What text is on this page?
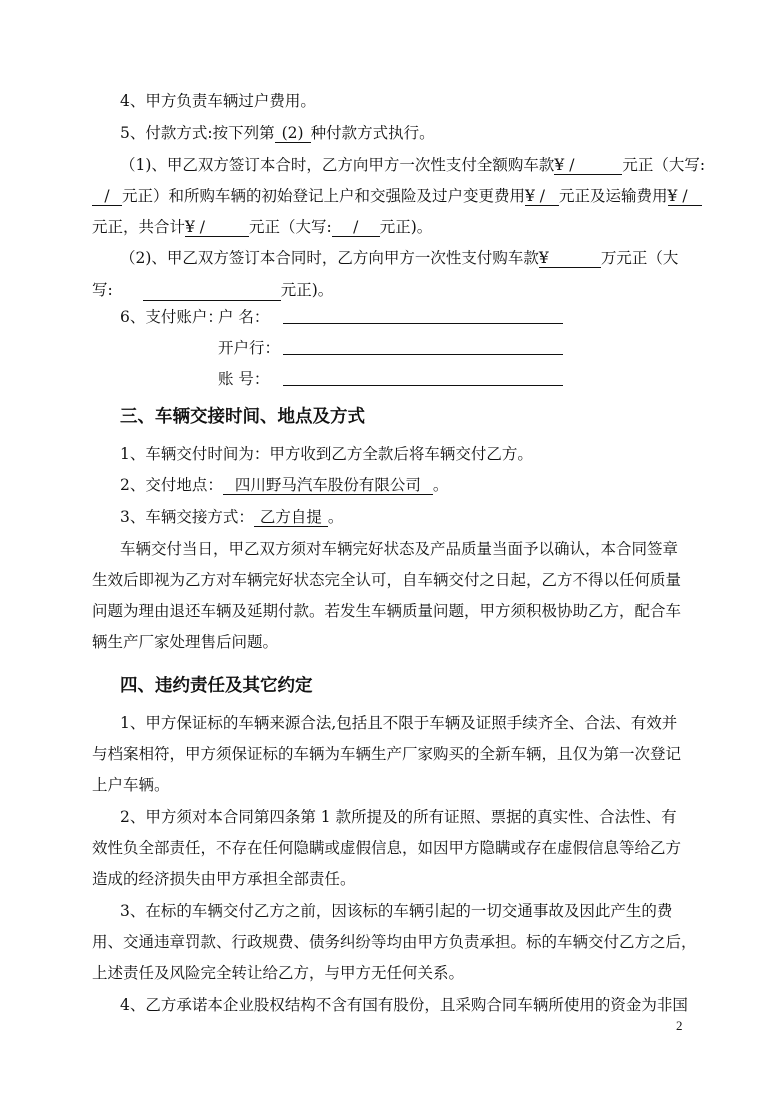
4、甲方负责车辆过户费用。
5、付款方式:按下列第 (2) 种付款方式执行。
（1)、甲乙双方签订本合时，乙方向甲方一次性支付全额购车款¥ /	元正（大写:
/ 元正）和所购车辆的初始登记上户和交强险及过户变更费用¥ / 元正及运输费用¥ /
元正，共合计¥ /	元正（大写: / 元正)。
（2)、甲乙双方签订本合同时，乙方向甲方一次性支付购车款¥	万元正（大
写:	元正)。
6、支付账户：
户 名：
开户行：
账 号：
三、车辆交接时间、地点及方式
1、车辆交付时间为：甲方收到乙方全款后将车辆交付乙方。
2、交付地点： 四川野马汽车股份有限公司 。
3、车辆交接方式： 乙方自提 。
车辆交付当日，甲乙双方须对车辆完好状态及产品质量当面予以确认，本合同签章
生效后即视为乙方对车辆完好状态完全认可，自车辆交付之日起，乙方不得以任何质量
问题为理由退还车辆及延期付款。若发生车辆质量问题，甲方须积极协助乙方，配合车
辆生产厂家处理售后问题。
四、违约责任及其它约定
1、甲方保证标的车辆来源合法,包括且不限于车辆及证照手续齐全、合法、有效并
与档案相符，甲方须保证标的车辆为车辆生产厂家购买的全新车辆，且仅为第一次登记
上户车辆。
2、甲方须对本合同第四条第 1 款所提及的所有证照、票据的真实性、合法性、有
效性负全部责任，不存在任何隐瞒或虚假信息，如因甲方隐瞒或存在虚假信息等给乙方
造成的经济损失由甲方承担全部责任。
3、在标的车辆交付乙方之前，因该标的车辆引起的一切交通事故及因此产生的费
用、交通违章罚款、行政规费、债务纠纷等均由甲方负责承担。标的车辆交付乙方之后，
上述责任及风险完全转让给乙方，与甲方无任何关系。
4、乙方承诺本企业股权结构不含有国有股份，且采购合同车辆所使用的资金为非国
2
